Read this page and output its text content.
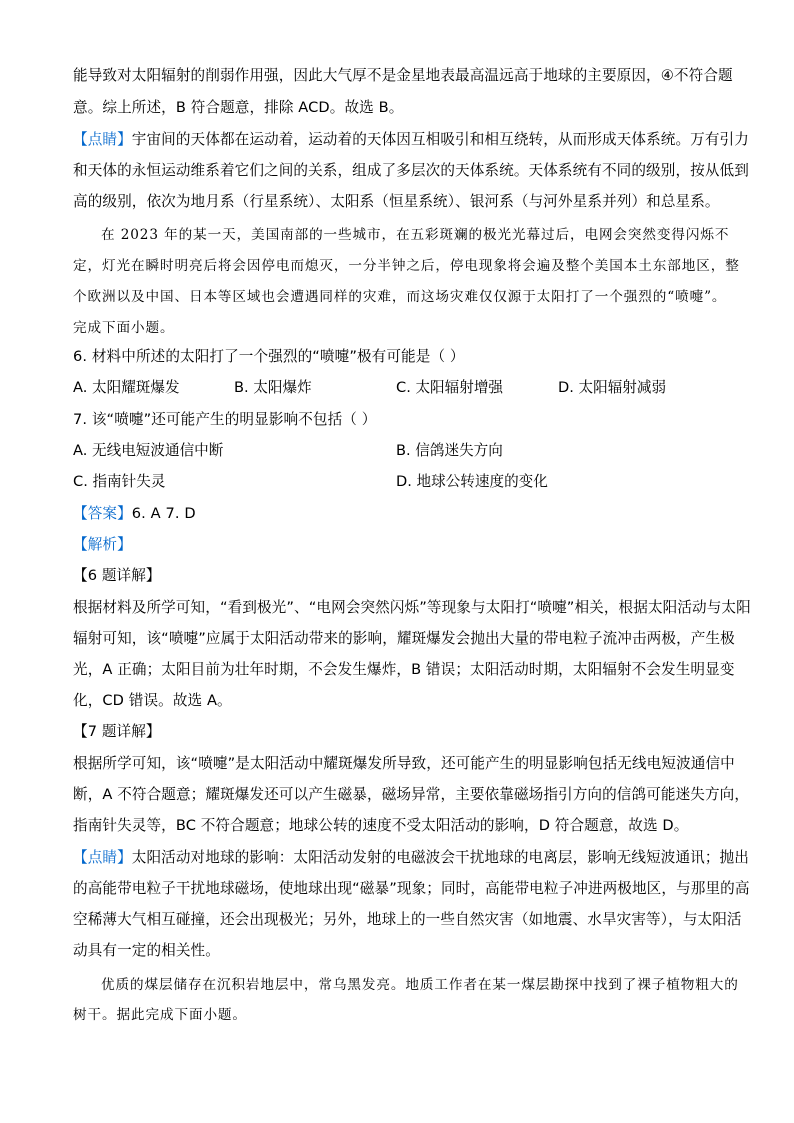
能导致对太阳辐射的削弱作用强，因此大气厚不是金星地表最高温远高于地球的主要原因，④不符合题
意。综上所述，B 符合题意，排除 ACD。故选 B。
【点睛】宇宙间的天体都在运动着，运动着的天体因互相吸引和相互绕转，从而形成天体系统。万有引力
和天体的永恒运动维系着它们之间的关系，组成了多层次的天体系统。天体系统有不同的级别，按从低到
高的级别，依次为地月系（行星系统）、太阳系（恒星系统）、银河系（与河外星系并列）和总星系。
在 2023 年的某一天，美国南部的一些城市，在五彩斑斓的极光光幕过后，电网会突然变得闪烁不
定，灯光在瞬时明亮后将会因停电而熄灭，一分半钟之后，停电现象将会遍及整个美国本土东部地区，整
个欧洲以及中国、日本等区域也会遭遇同样的灾难，而这场灾难仅仅源于太阳打了一个强烈的“喷嚏”。
完成下面小题。
6. 材料中所述的太阳打了一个强烈的“喷嚏”极有可能是（ ）
A. 太阳耀斑爆发	B. 太阳爆炸	C. 太阳辐射增强	D. 太阳辐射减弱
7. 该“喷嚏”还可能产生的明显影响不包括（ ）
A. 无线电短波通信中断	B. 信鸽迷失方向
C. 指南针失灵	D. 地球公转速度的变化
【答案】6. A 7. D
【解析】
【6 题详解】
根据材料及所学可知，“看到极光”、“电网会突然闪烁”等现象与太阳打“喷嚏”相关，根据太阳活动与太阳
辐射可知，该“喷嚏”应属于太阳活动带来的影响，耀斑爆发会抛出大量的带电粒子流冲击两极，产生极
光，A 正确；太阳目前为壮年时期，不会发生爆炸，B 错误；太阳活动时期，太阳辐射不会发生明显变
化，CD 错误。故选 A。
【7 题详解】
根据所学可知，该“喷嚏”是太阳活动中耀斑爆发所导致，还可能产生的明显影响包括无线电短波通信中
断，A 不符合题意；耀斑爆发还可以产生磁暴，磁场异常，主要依靠磁场指引方向的信鸽可能迷失方向，
指南针失灵等，BC 不符合题意；地球公转的速度不受太阳活动的影响，D 符合题意，故选 D。
【点睛】太阳活动对地球的影响：太阳活动发射的电磁波会干扰地球的电离层，影响无线短波通讯；抛出
的高能带电粒子干扰地球磁场，使地球出现“磁暴”现象；同时，高能带电粒子冲进两极地区，与那里的高
空稀薄大气相互碰撞，还会出现极光；另外，地球上的一些自然灾害（如地震、水旱灾害等），与太阳活
动具有一定的相关性。
优质的煤层储存在沉积岩地层中，常乌黑发亮。地质工作者在某一煤层勘探中找到了裸子植物粗大的
树干。据此完成下面小题。
